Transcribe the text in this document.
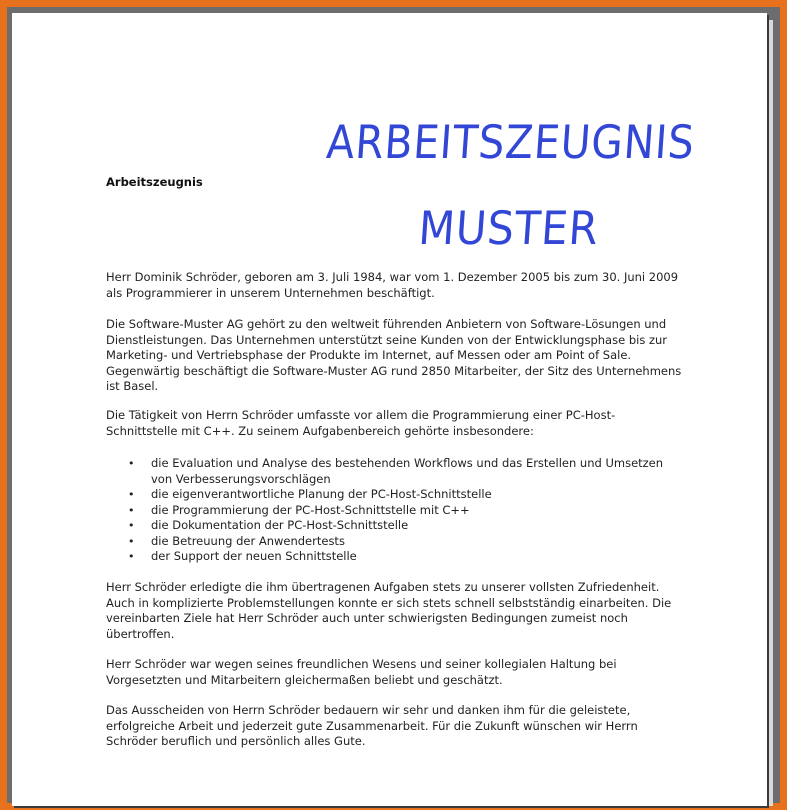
ARBEITSZEUGNIS
MUSTER
Arbeitszeugnis

Herr Dominik Schröder, geboren am 3. Juli 1984, war vom 1. Dezember 2005 bis zum 30. Juni 2009 als Programmierer in unserem Unternehmen beschäftigt.

Die Software-Muster AG gehört zu den weltweit führenden Anbietern von Software-Lösungen und Dienstleistungen. Das Unternehmen unterstützt seine Kunden von der Entwicklungsphase bis zur Marketing- und Vertriebsphase der Produkte im Internet, auf Messen oder am Point of Sale. Gegenwärtig beschäftigt die Software-Muster AG rund 2850 Mitarbeiter, der Sitz des Unternehmens ist Basel.

Die Tätigkeit von Herrn Schröder umfasste vor allem die Programmierung einer PC-Host-Schnittstelle mit C++. Zu seinem Aufgabenbereich gehörte insbesondere:

• die Evaluation und Analyse des bestehenden Workflows und das Erstellen und Umsetzen von Verbesserungsvorschlägen
• die eigenverantwortliche Planung der PC-Host-Schnittstelle
• die Programmierung der PC-Host-Schnittstelle mit C++
• die Dokumentation der PC-Host-Schnittstelle
• die Betreuung der Anwendertests
• der Support der neuen Schnittstelle

Herr Schröder erledigte die ihm übertragenen Aufgaben stets zu unserer vollsten Zufriedenheit. Auch in komplizierte Problemstellungen konnte er sich stets schnell selbstständig einarbeiten. Die vereinbarten Ziele hat Herr Schröder auch unter schwierigsten Bedingungen zumeist noch übertroffen.

Herr Schröder war wegen seines freundlichen Wesens und seiner kollegialen Haltung bei Vorgesetzten und Mitarbeitern gleichermaßen beliebt und geschätzt.

Das Ausscheiden von Herrn Schröder bedauern wir sehr und danken ihm für die geleistete, erfolgreiche Arbeit und jederzeit gute Zusammenarbeit. Für die Zukunft wünschen wir Herrn Schröder beruflich und persönlich alles Gute.
